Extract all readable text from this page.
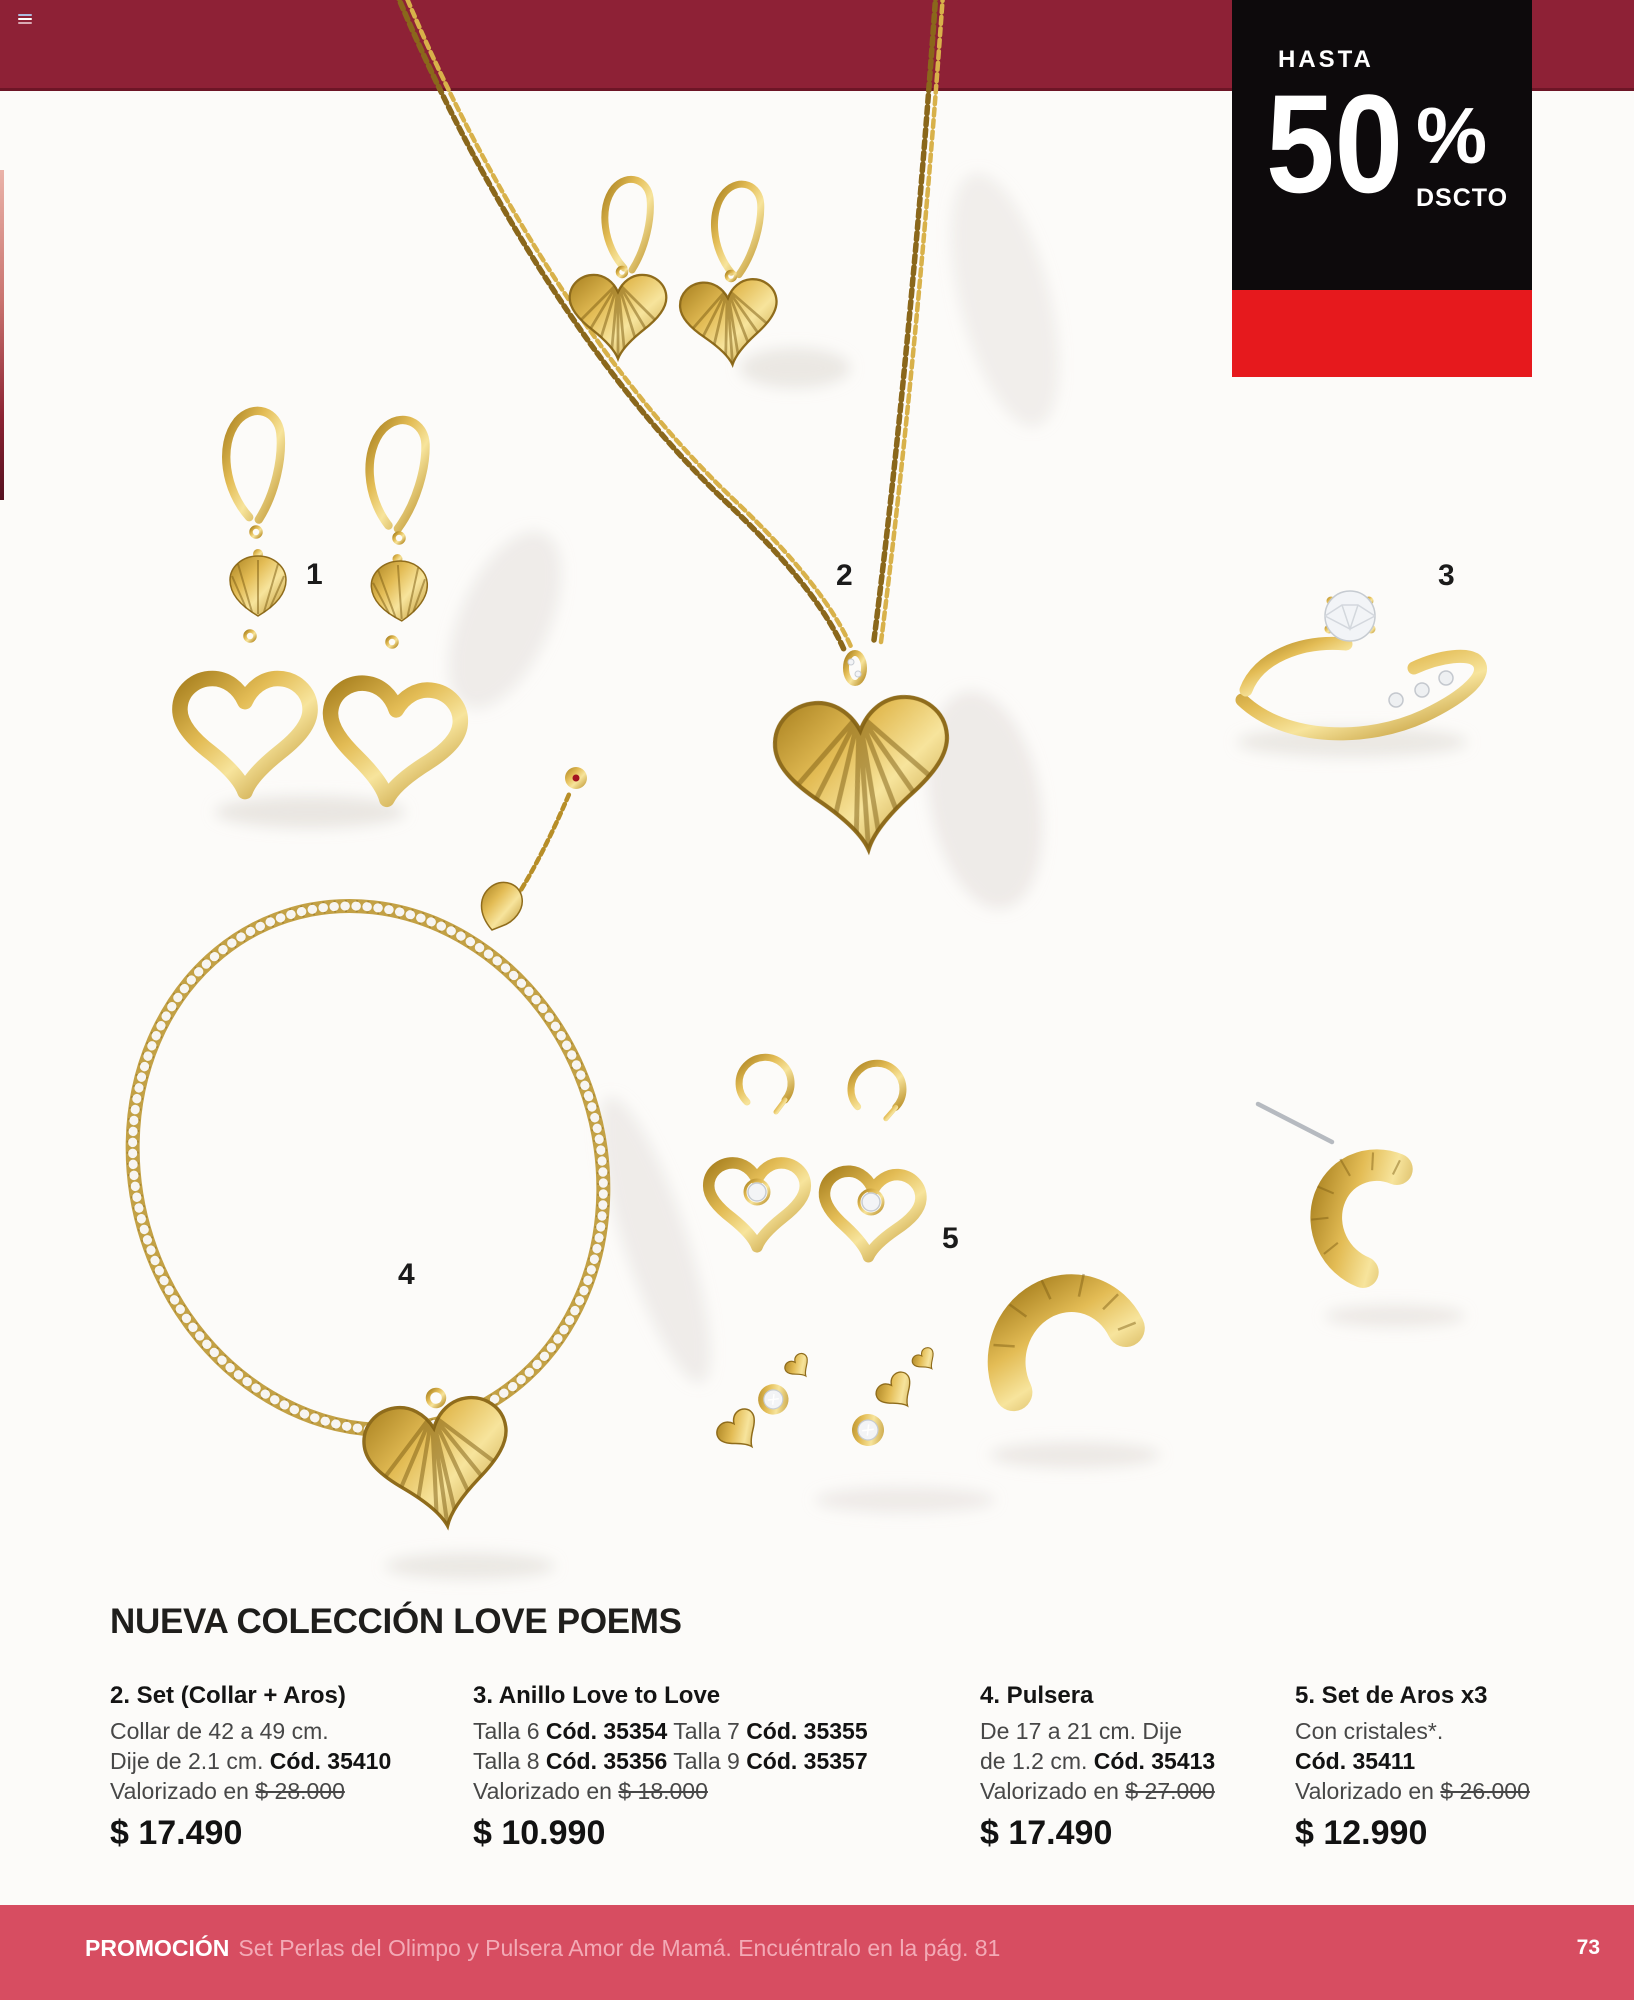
HASTA
50 %
DSCTO
1	2	3
4
5
NUEVA COLECCIÓN LOVE POEMS
2. Set (Collar + Aros)
Collar de 42 a 49 cm.
Dije de 2.1 cm. Cód. 35410
Valorizado en $ 28.000
$ 17.490
3. Anillo Love to Love
Talla 6 Cód. 35354 Talla 7 Cód. 35355
Talla 8 Cód. 35356 Talla 9 Cód. 35357
Valorizado en $ 18.000
$ 10.990
4. Pulsera
De 17 a 21 cm. Dije
de 1.2 cm. Cód. 35413
Valorizado en $ 27.000
$ 17.490
5. Set de Aros x3
Con cristales*.
Cód. 35411
Valorizado en $ 26.000
$ 12.990
PROMOCIÓN Set Perlas del Olimpo y Pulsera Amor de Mamá. Encuéntralo en la pág. 81	73
